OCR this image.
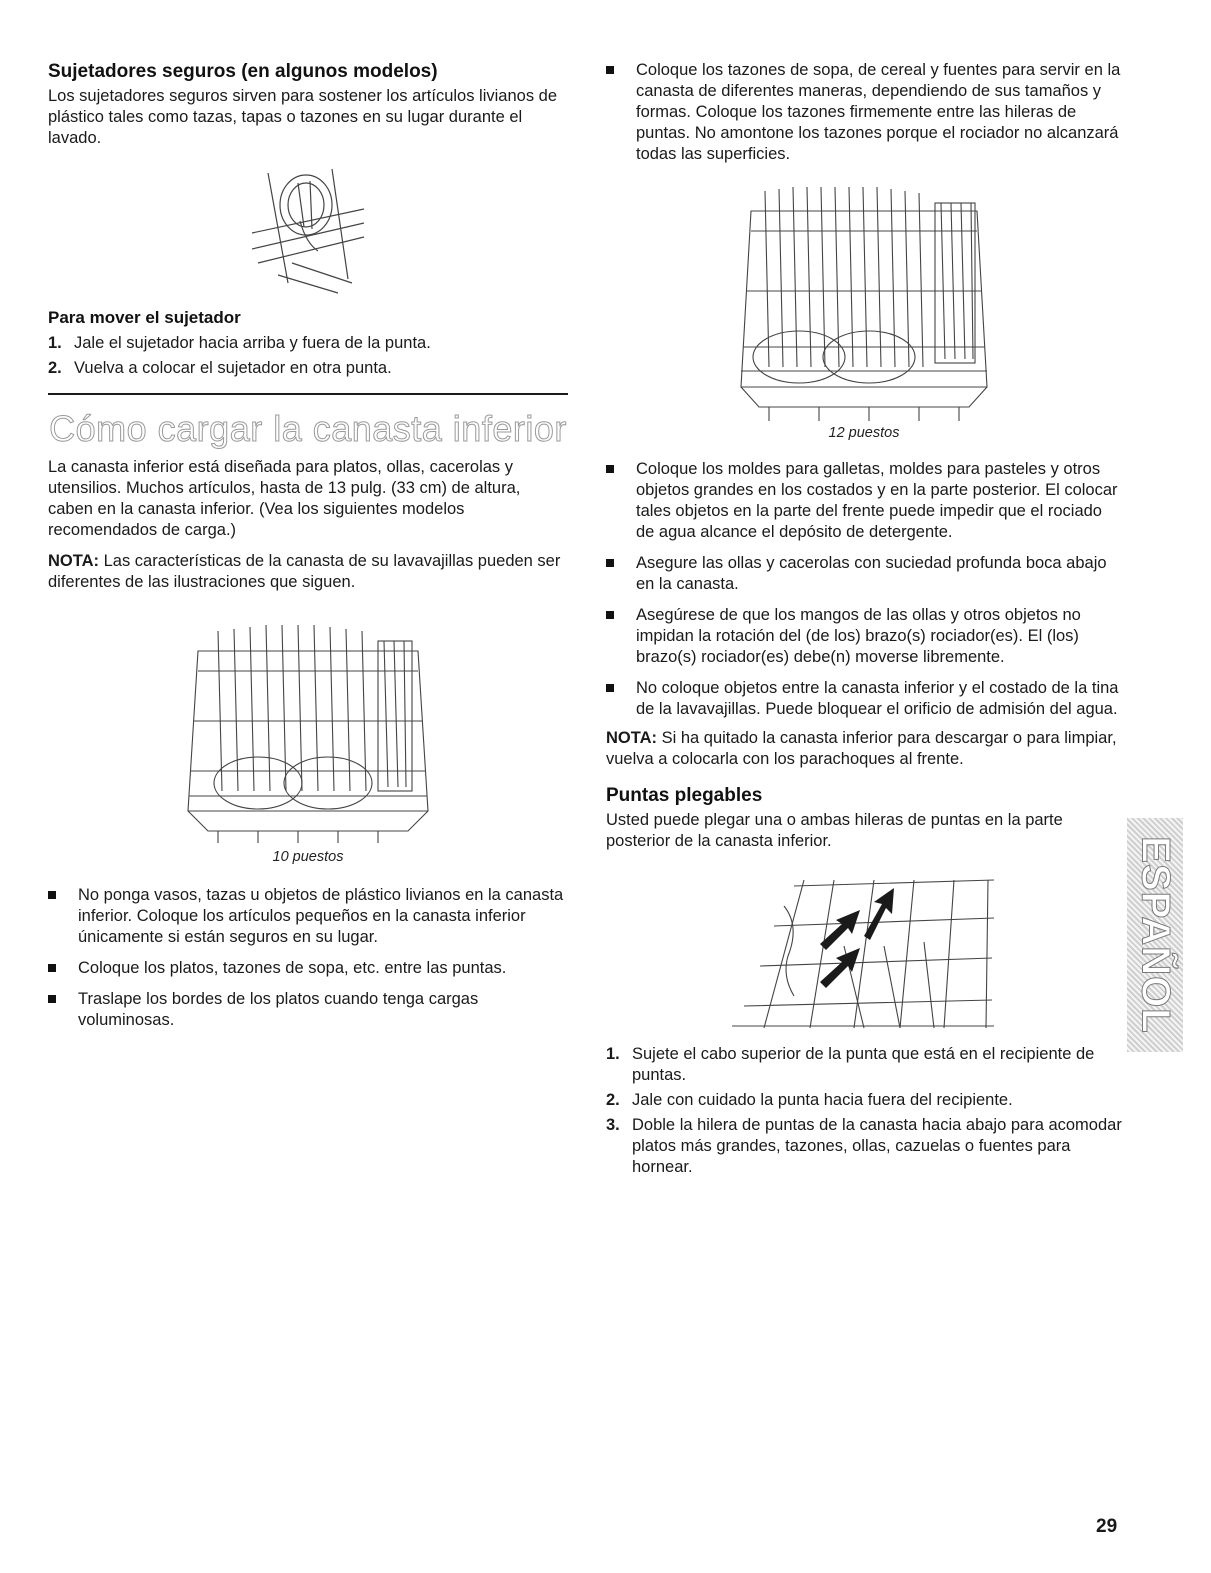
Sujetadores seguros (en algunos modelos)

Los sujetadores seguros sirven para sostener los artículos livianos de plástico tales como tazas, tapas o tazones en su lugar durante el lavado.

Para mover el sujetador
1. Jale el sujetador hacia arriba y fuera de la punta.
2. Vuelva a colocar el sujetador en otra punta.
Cómo cargar la canasta inferior

La canasta inferior está diseñada para platos, ollas, cacerolas y utensilios. Muchos artículos, hasta de 13 pulg. (33 cm) de altura, caben en la canasta inferior. (Vea los siguientes modelos recomendados de carga.)

NOTA: Las características de la canasta de su lavavajillas pueden ser diferentes de las ilustraciones que siguen.

10 puestos
No ponga vasos, tazas u objetos de plástico livianos en la canasta inferior. Coloque los artículos pequeños en la canasta inferior únicamente si están seguros en su lugar.
Coloque los platos, tazones de sopa, etc. entre las puntas.
Traslape los bordes de los platos cuando tenga cargas voluminosas.
Coloque los tazones de sopa, de cereal y fuentes para servir en la canasta de diferentes maneras, dependiendo de sus tamaños y formas. Coloque los tazones firmemente entre las hileras de puntas. No amontone los tazones porque el rociador no alcanzará todas las superficies.
12 puestos
Coloque los moldes para galletas, moldes para pasteles y otros objetos grandes en los costados y en la parte posterior. El colocar tales objetos en la parte del frente puede impedir que el rociado de agua alcance el depósito de detergente.
Asegure las ollas y cacerolas con suciedad profunda boca abajo en la canasta.
Asegúrese de que los mangos de las ollas y otros objetos no impidan la rotación del (de los) brazo(s) rociador(es). El (los) brazo(s) rociador(es) debe(n) moverse libremente.
No coloque objetos entre la canasta inferior y el costado de la tina de la lavavajillas. Puede bloquear el orificio de admisión del agua.

NOTA: Si ha quitado la canasta inferior para descargar o para limpiar, vuelva a colocarla con los parachoques al frente.

Puntas plegables

Usted puede plegar una o ambas hileras de puntas en la parte posterior de la canasta inferior.

1. Sujete el cabo superior de la punta que está en el recipiente de puntas.
2. Jale con cuidado la punta hacia fuera del recipiente.
3. Doble la hilera de puntas de la canasta hacia abajo para acomodar platos más grandes, tazones, ollas, cazuelas o fuentes para hornear.
ESPAÑOL
29
